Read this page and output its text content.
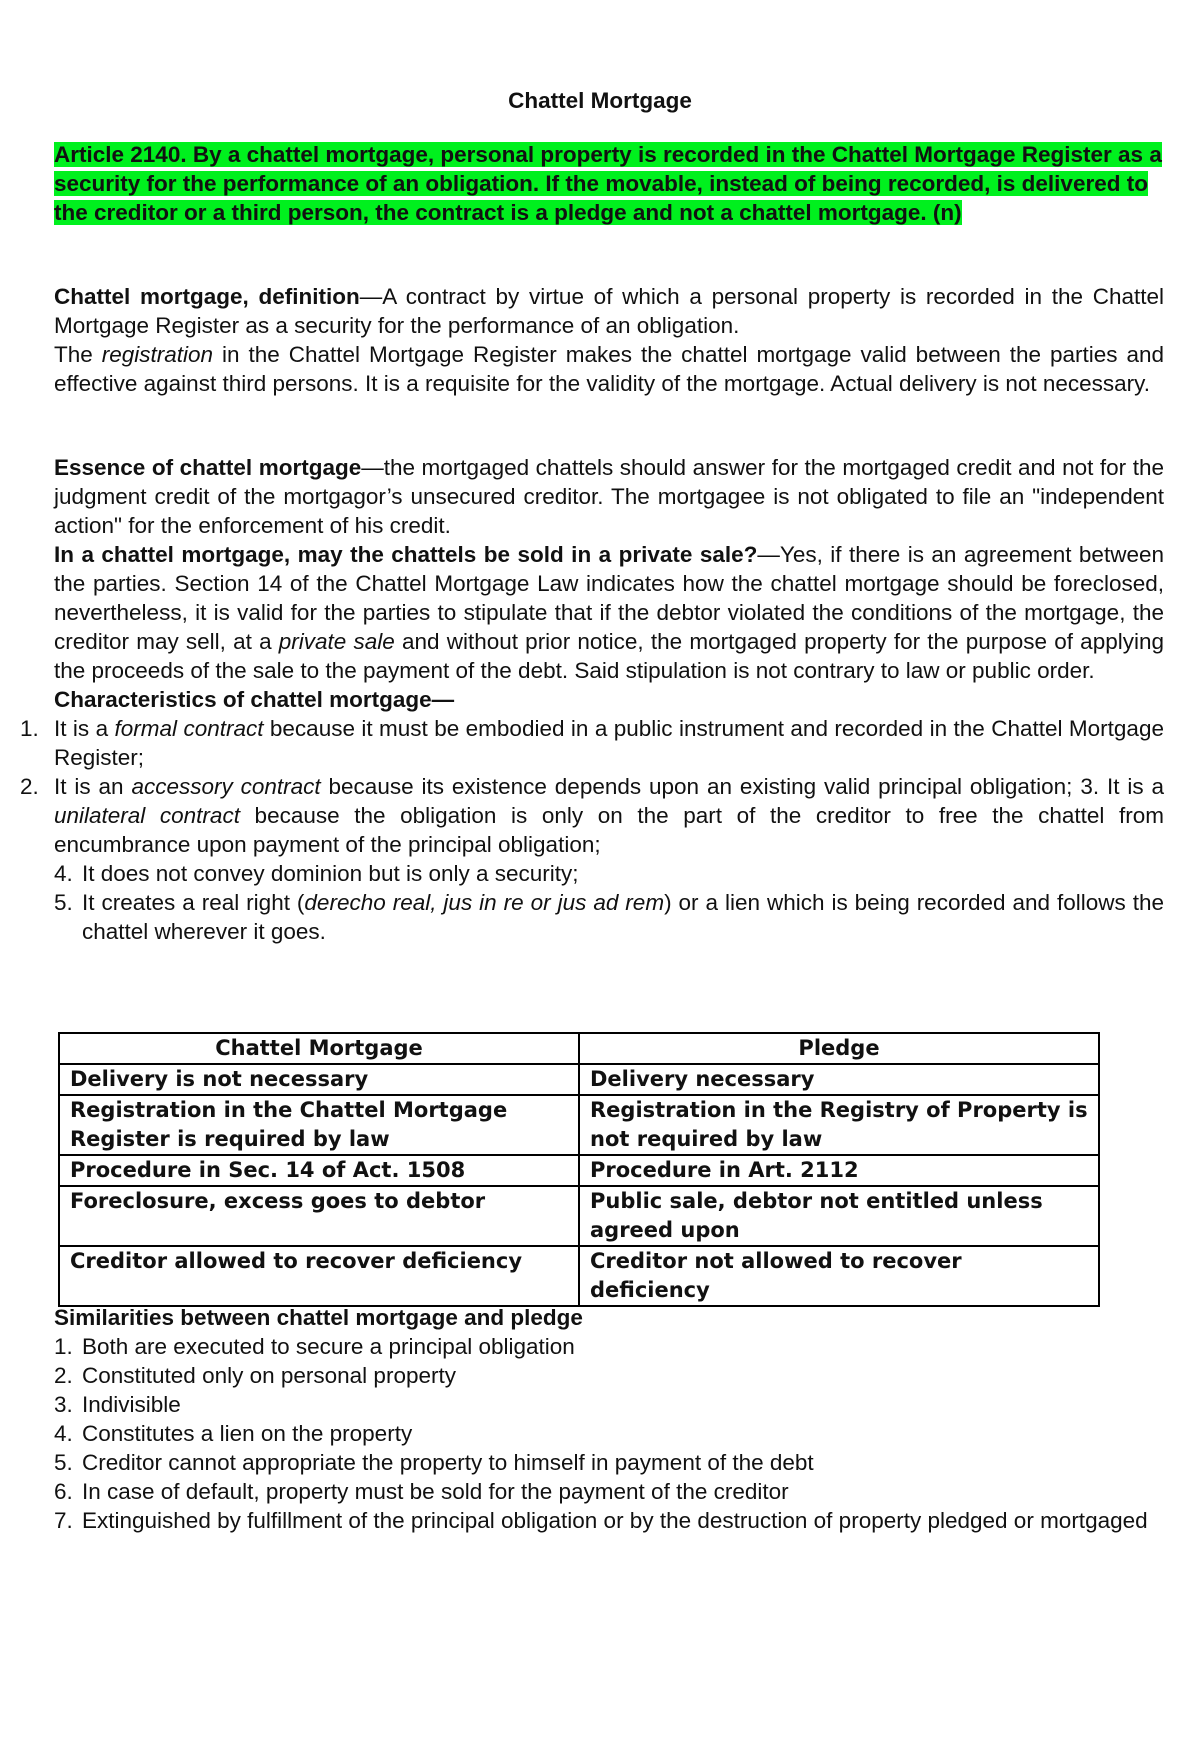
Chattel Mortgage
Article 2140. By a chattel mortgage, personal property is recorded in the Chattel Mortgage Register as a security for the performance of an obligation. If the movable, instead of being recorded, is delivered to the creditor or a third person, the contract is a pledge and not a chattel mortgage. (n)

Chattel mortgage, definition—A contract by virtue of which a personal property is recorded in the Chattel Mortgage Register as a security for the performance of an obligation.

The registration in the Chattel Mortgage Register makes the chattel mortgage valid between the parties and effective against third persons. It is a requisite for the validity of the mortgage. Actual delivery is not necessary.

Essence of chattel mortgage—the mortgaged chattels should answer for the mortgaged credit and not for the judgment credit of the mortgagor’s unsecured creditor. The mortgagee is not obligated to file an "independent action" for the enforcement of his credit.

In a chattel mortgage, may the chattels be sold in a private sale?—Yes, if there is an agreement between the parties. Section 14 of the Chattel Mortgage Law indicates how the chattel mortgage should be foreclosed, nevertheless, it is valid for the parties to stipulate that if the debtor violated the conditions of the mortgage, the creditor may sell, at a private sale and without prior notice, the mortgaged property for the purpose of applying the proceeds of the sale to the payment of the debt. Said stipulation is not contrary to law or public order.

Characteristics of chattel mortgage—

1. It is a formal contract because it must be embodied in a public instrument and recorded in the Chattel Mortgage Register;
2. It is an accessory contract because its existence depends upon an existing valid principal obligation; 3. It is a unilateral contract because the obligation is only on the part of the creditor to free the chattel from encumbrance upon payment of the principal obligation;
4. It does not convey dominion but is only a security;
5. It creates a real right (derecho real, jus in re or jus ad rem) or a lien which is being recorded and follows the chattel wherever it goes.
Chattel Mortgage	Pledge
Delivery is not necessary	Delivery necessary
Registration in the Chattel Mortgage Register is required by law	Registration in the Registry of Property is not required by law
Procedure in Sec. 14 of Act. 1508	Procedure in Art. 2112
Foreclosure, excess goes to debtor	Public sale, debtor not entitled unless agreed upon
Creditor allowed to recover deficiency	Creditor not allowed to recover deficiency

Similarities between chattel mortgage and pledge

1. Both are executed to secure a principal obligation
2. Constituted only on personal property
3. Indivisible
4. Constitutes a lien on the property
5. Creditor cannot appropriate the property to himself in payment of the debt
6. In case of default, property must be sold for the payment of the creditor
7. Extinguished by fulfillment of the principal obligation or by the destruction of property pledged or mortgaged
